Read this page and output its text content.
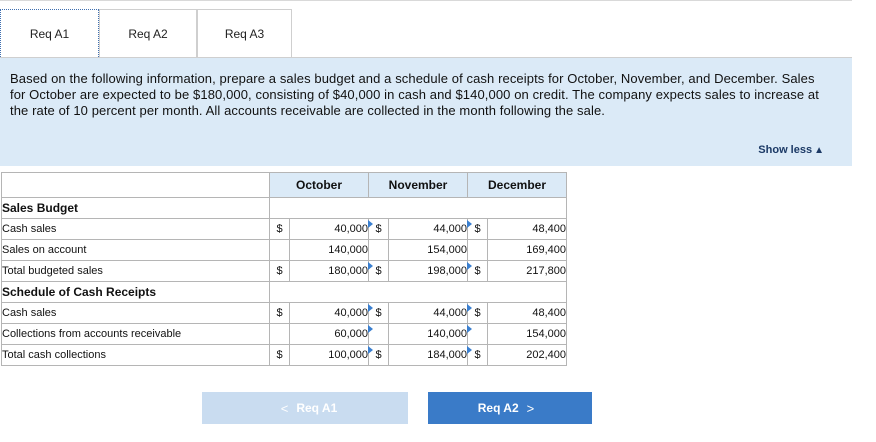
Req A1	Req A2	Req A3
Based on the following information, prepare a sales budget and a schedule of cash receipts for October, November, and December. Sales for October are expected to be $180,000, consisting of $40,000 in cash and $140,000 on credit. The company expects sales to increase at the rate of 10 percent per month. All accounts receivable are collected in the month following the sale.
Show less ▲
	October		November		December	
Sales Budget						
Cash sales	$	40,000	$	44,000	$	48,400
Sales on account		140,000		154,000		169,400
Total budgeted sales	$	180,000	$	198,000	$	217,800
Schedule of Cash Receipts						
Cash sales	$	40,000	$	44,000	$	48,400
Collections from accounts receivable		60,000		140,000		154,000
Total cash collections	$	100,000	$	184,000	$	202,400
< Req A1	Req A2 >
